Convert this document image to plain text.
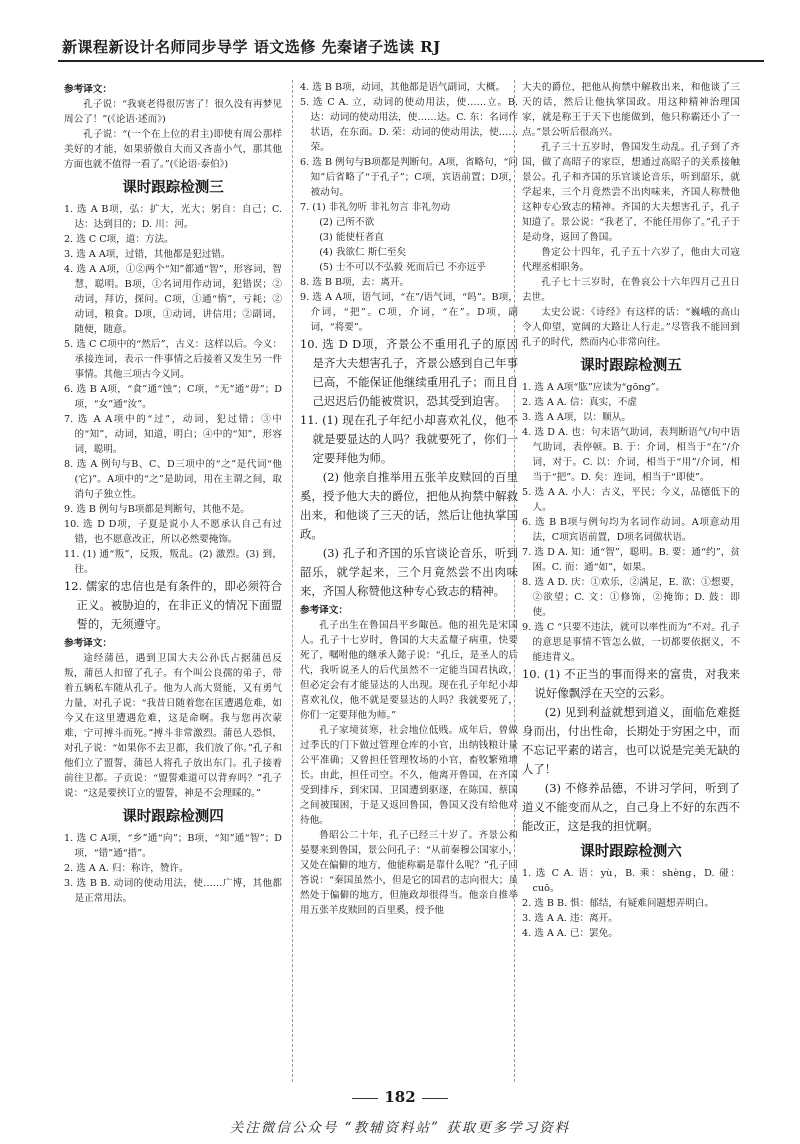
新课程新设计名师同步导学 语文选修 先秦诸子选读 RJ

参考译文：

孔子说：“我衰老得很厉害了！很久没有再梦见周公了！”(《论语·述而》)

孔子说：“(一个在上位的君主)即使有周公那样美好的才能，如果骄傲自大而又吝啬小气，那其他方面也就不值得一看了。”(《论语·泰伯》)

课时跟踪检测三

1. 选 A B项，弘：扩大，光大；躬自：自己；C. 达：达到目的；D. 川：河。

2. 选 C C项，道：方法。

3. 选 A A项，过错，其他都是犯过错。

4. 选 A A项，①②两个“知”都通“智”，形容词，智慧，聪明。B项，①名词用作动词，犯错误；②动词，拜访，探问。C项，①通“惰”，亏耗；②动词，粮食。D项，①动词，讲信用；②副词，随便，随意。

5. 选 C C项中的“然后”，古义：这样以后。今义：承接连词，表示一件事情之后接着又发生另一件事情。其他三项古今义同。

6. 选 B A项，“食”通“蚀”；C项，“无”通“毋”；D项，“女”通“汝”。

7. 选 A A项中的“过”，动词，犯过错；③中的“知”，动词，知道，明白；④中的“知”，形容词，聪明。

8. 选 A 例句与B、C、D三项中的“之”是代词“他(它)”。A项中的“之”是助词，用在主谓之间，取消句子独立性。

9. 选 B 例句与B项都是判断句，其他不是。

10. 选 D D项，子夏是说小人不愿承认自己有过错，也不愿意改正，所以必然要掩饰。

11. (1) 通“叛”，反叛，叛乱。(2) 激烈。(3) 到，往。

12. 儒家的忠信也是有条件的，即必须符合正义。被胁迫的，在非正义的情况下面盟誓的，无须遵守。

参考译文：

途经蒲邑，遇到卫国大夫公孙氏占据蒲邑反叛，蒲邑人扣留了孔子。有个叫公良孺的弟子，带着五辆私车随从孔子。他为人高大贤能，又有勇气力量，对孔子说：“我昔日随着您在匡遭遇危难，如今又在这里遭遇危难，这是命啊。我与您再次蒙难，宁可搏斗而死。”搏斗非常激烈。蒲邑人恐惧，对孔子说：“如果你不去卫都，我们放了你。”孔子和他们立了盟誓，蒲邑人将孔子放出东门。孔子接着前往卫都。子贡说：“盟誓难道可以背弃吗？”孔子说：“这是要挟订立的盟誓，神是不会理睬的。”

课时跟踪检测四

1. 选 C A项，“乡”通“向”；B项，“知”通“智”；D项，“错”通“措”。

2. 选 A A. 归：称许，赞许。

3. 选 B B. 动词的使动用法，使……广博，其他都是正常用法。

4. 选 B B项，动词，其他都是语气副词，大概。

5. 选 C A. 立，动词的使动用法，使……立。B. 达：动词的使动用法，使……达。C. 东：名词作状语，在东面。D. 荣：动词的使动用法，使……荣。

6. 选 B 例句与B项都是判断句。A项，省略句，“问知”后省略了“于孔子”；C项，宾语前置；D项，被动句。

7. (1) 非礼勿听 非礼勿言 非礼勿动

(2) 己所不欲

(3) 能使枉者直

(4) 我欲仁 斯仁至矣

(5) 士不可以不弘毅 死而后已 不亦远乎

8. 选 B B项，去：离开。

9. 选 A A项，语气词，“在”/语气词，“吗”。B项，介词，“把”。C项，介词，“在”。D项，副词，“将要”。

10. 选 D D项，齐景公不重用孔子的原因是齐大夫想害孔子，齐景公感到自己年事已高，不能保证他继续重用孔子；而且自己迟迟后仍能被赏识，恐其受到迫害。

11. (1) 现在孔子年纪小却喜欢礼仪，他不就是要显达的人吗？我就要死了，你们一定要拜他为师。

(2) 他亲自推举用五张羊皮赎回的百里奚，授予他大夫的爵位，把他从拘禁中解救出来，和他谈了三天的话，然后让他执掌国政。

(3) 孔子和齐国的乐官谈论音乐，听到韶乐，就学起来，三个月竟然尝不出肉味来，齐国人称赞他这种专心致志的精神。

参考译文：

孔子出生在鲁国昌平乡陬邑。他的祖先是宋国人。孔子十七岁时，鲁国的大夫孟釐子病重，快要死了，嘱咐他的继承人懿子说：“孔丘，是圣人的后代，我听说圣人的后代虽然不一定能当国君执政，但必定会有才能显达的人出现。现在孔子年纪小却喜欢礼仪，他不就是要显达的人吗？我就要死了，你们一定要拜他为师。”

孔子家境贫寒，社会地位低贱。成年后，曾做过季氏的门下做过管理仓库的小官，出纳钱粮计量公平准确；又曾担任管理牧场的小官，畜牧繁殖增长。由此，担任司空。不久，他离开鲁国，在齐国受到排斥，到宋国、卫国遭到驱逐，在陈国、蔡国之间被围困，于是又返回鲁国，鲁国又没有给他对待他。

鲁昭公二十年，孔子已经三十岁了。齐景公和晏婴来到鲁国，景公问孔子：“从前秦穆公国家小，又处在偏僻的地方，他能称霸是靠什么呢？”孔子回答说：“秦国虽然小，但是它的国君的志向很大；虽然处于偏僻的地方，但施政却很得当。他亲自推举用五张羊皮赎回的百里奚，授予他

大夫的爵位，把他从拘禁中解救出来，和他谈了三天的话，然后让他执掌国政。用这种精神治理国家，就是称王于天下也能做到，他只称霸还小了一点。”景公听后很高兴。

孔子三十五岁时，鲁国发生动乱。孔子到了齐国，做了高昭子的家臣，想通过高昭子的关系接触景公。孔子和齐国的乐官谈论音乐，听到韶乐，就学起来，三个月竟然尝不出肉味来，齐国人称赞他这种专心致志的精神。齐国的大夫想害孔子，孔子知道了。景公说：“我老了，不能任用你了。”孔子于是动身，返回了鲁国。

鲁定公十四年，孔子五十六岁了，他由大司寇代理丞相职务。

孔子七十三岁时，在鲁哀公十六年四月己丑日去世。

太史公说：《诗经》有这样的话：“巍峨的高山令人仰望，宽阔的大路让人行走。”尽管我不能回到孔子的时代，然而内心非常向往。

课时跟踪检测五

1. 选 A A项“肱”应读为“gōng”。

2. 选 A A. 信：真实，不虚

3. 选 A A项，以：顺从。

4. 选 D A. 也：句末语气助词，表判断语气/句中语气助词，表停顿。B. 于：介词，相当于“在”/介词，对于。C. 以：介词，相当于“用”/介词，相当于“把”。D. 矣：连词，相当于“即使”。

5. 选 A A. 小人：古义，平民；今义，品德低下的人。

6. 选 B B项与例句均为名词作动词。A项意动用法，C项宾语前置，D项名词做状语。

7. 选 D A. 知：通“智”，聪明。B. 要：通“约”，贫困。C. 而：通“如”，如果。

8. 选 A D. 庆：①欢乐，②满足，E. 欲：①想要，②欲望；C. 文：①修饰，②掩饰；D. 鼓：即使。

9. 选 C “只要不违法，就可以率性而为”不对。孔子的意思是事情不管怎么做，一切都要依据义，不能违背义。

10. (1) 不正当的事而得来的富贵，对我来说好像飘浮在天空的云彩。

(2) 见到利益就想到道义，面临危难挺身而出，付出性命，长期处于穷困之中，而不忘记平素的诺言，也可以说是完美无缺的人了！

(3) 不修养品德，不讲习学问，听到了道义不能变而从之，自己身上不好的东西不能改正，这是我的担忧啊。

课时跟踪检测六

1. 选 C A. 语：yù，B. 乘：shèng，D. 碰：cuō。

2. 选 B B. 惧：郁结，有疑难问题想弄明白。

3. 选 A A. 违：离开。

4. 选 A A. 已：罢免。

182
关注微信公众号 “教辅资料站” 获取更多学习资料
